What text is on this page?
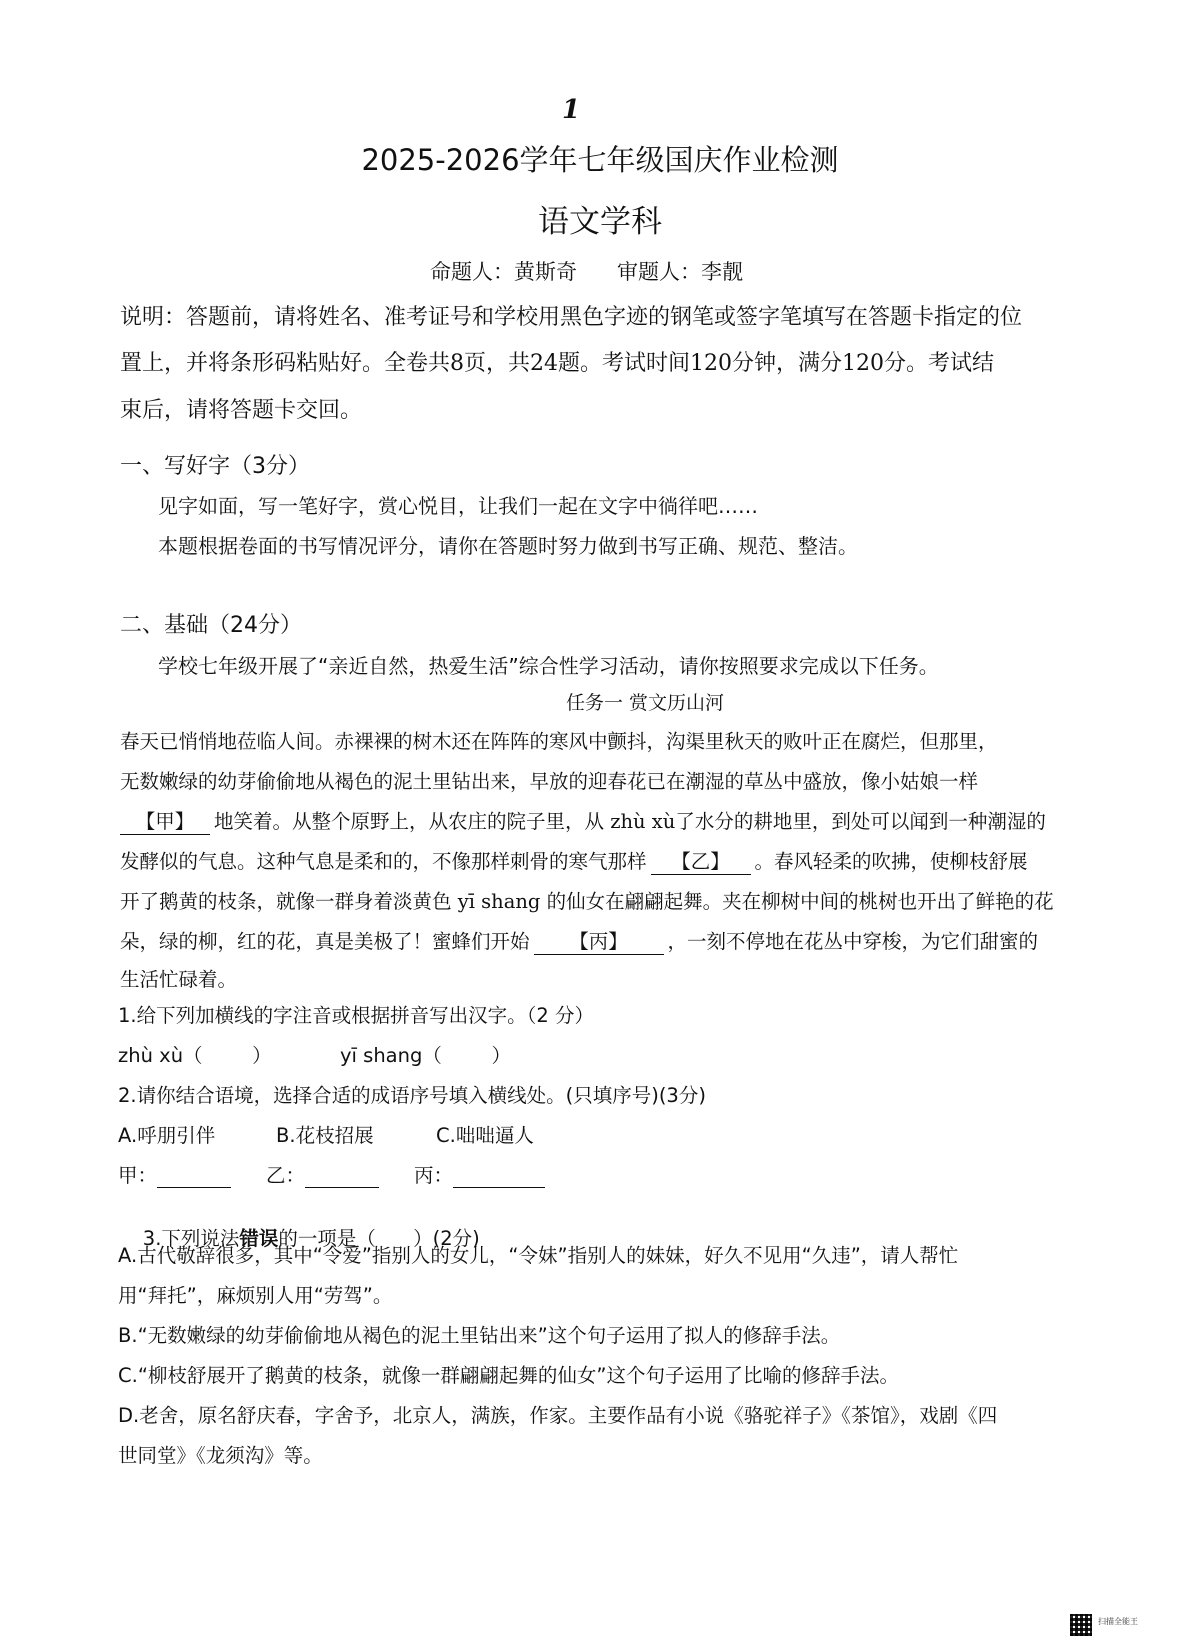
1
2025-2026学年七年级国庆作业检测
语文学科
命题人：黄斯奇      审题人：李靓
说明：答题前，请将姓名、准考证号和学校用黑色字迹的钢笔或签字笔填写在答题卡指定的位
置上，并将条形码粘贴好。全卷共8页，共24题。考试时间120分钟，满分120分。考试结
束后，请将答题卡交回。
一、写好字（3分）
见字如面，写一笔好字，赏心悦目，让我们一起在文字中徜徉吧……
本题根据卷面的书写情况评分，请你在答题时努力做到书写正确、规范、整洁。
二、基础（24分）
学校七年级开展了“亲近自然，热爱生活”综合性学习活动，请你按照要求完成以下任务。
任务一 赏文历山河
春天已悄悄地莅临人间。赤裸裸的树木还在阵阵的寒风中颤抖，沟渠里秋天的败叶正在腐烂，但那里，
无数嫩绿的幼芽偷偷地从褐色的泥土里钻出来，早放的迎春花已在潮湿的草丛中盛放，像小姑娘一样
【甲】 地笑着。从整个原野上，从农庄的院子里，从 zhù xù了水分的耕地里，到处可以闻到一种潮湿的
发酵似的气息。这种气息是柔和的，不像那样刺骨的寒气那样 【乙】 。春风轻柔的吹拂，使柳枝舒展
开了鹅黄的枝条，就像一群身着淡黄色 yī shang 的仙女在翩翩起舞。夹在柳树中间的桃树也开出了鲜艳的花
朵，绿的柳，红的花，真是美极了！蜜蜂们开始 【丙】 ，一刻不停地在花丛中穿梭，为它们甜蜜的
生活忙碌着。
1.给下列加横线的字注音或根据拼音写出汉字。（2 分）
zhù xù（        ）	yī shang（        ）
2.请你结合语境，选择合适的成语序号填入横线处。(只填序号)(3分)
A.呼朋引伴	B.花枝招展	C.咄咄逼人
甲：	乙：	丙：

3.下列说法错误的一项是（      ）(2分)

A.古代敬辞很多，其中“令爱”指别人的女儿，“令妹”指别人的妹妹，好久不见用“久违”，请人帮忙
用“拜托”，麻烦别人用“劳驾”。
B.“无数嫩绿的幼芽偷偷地从褐色的泥土里钻出来”这个句子运用了拟人的修辞手法。
C.“柳枝舒展开了鹅黄的枝条，就像一群翩翩起舞的仙女”这个句子运用了比喻的修辞手法。
D.老舍，原名舒庆春，字舍予，北京人，满族，作家。主要作品有小说《骆驼祥子》《茶馆》，戏剧《四
世同堂》《龙须沟》等。
扫描全能王
